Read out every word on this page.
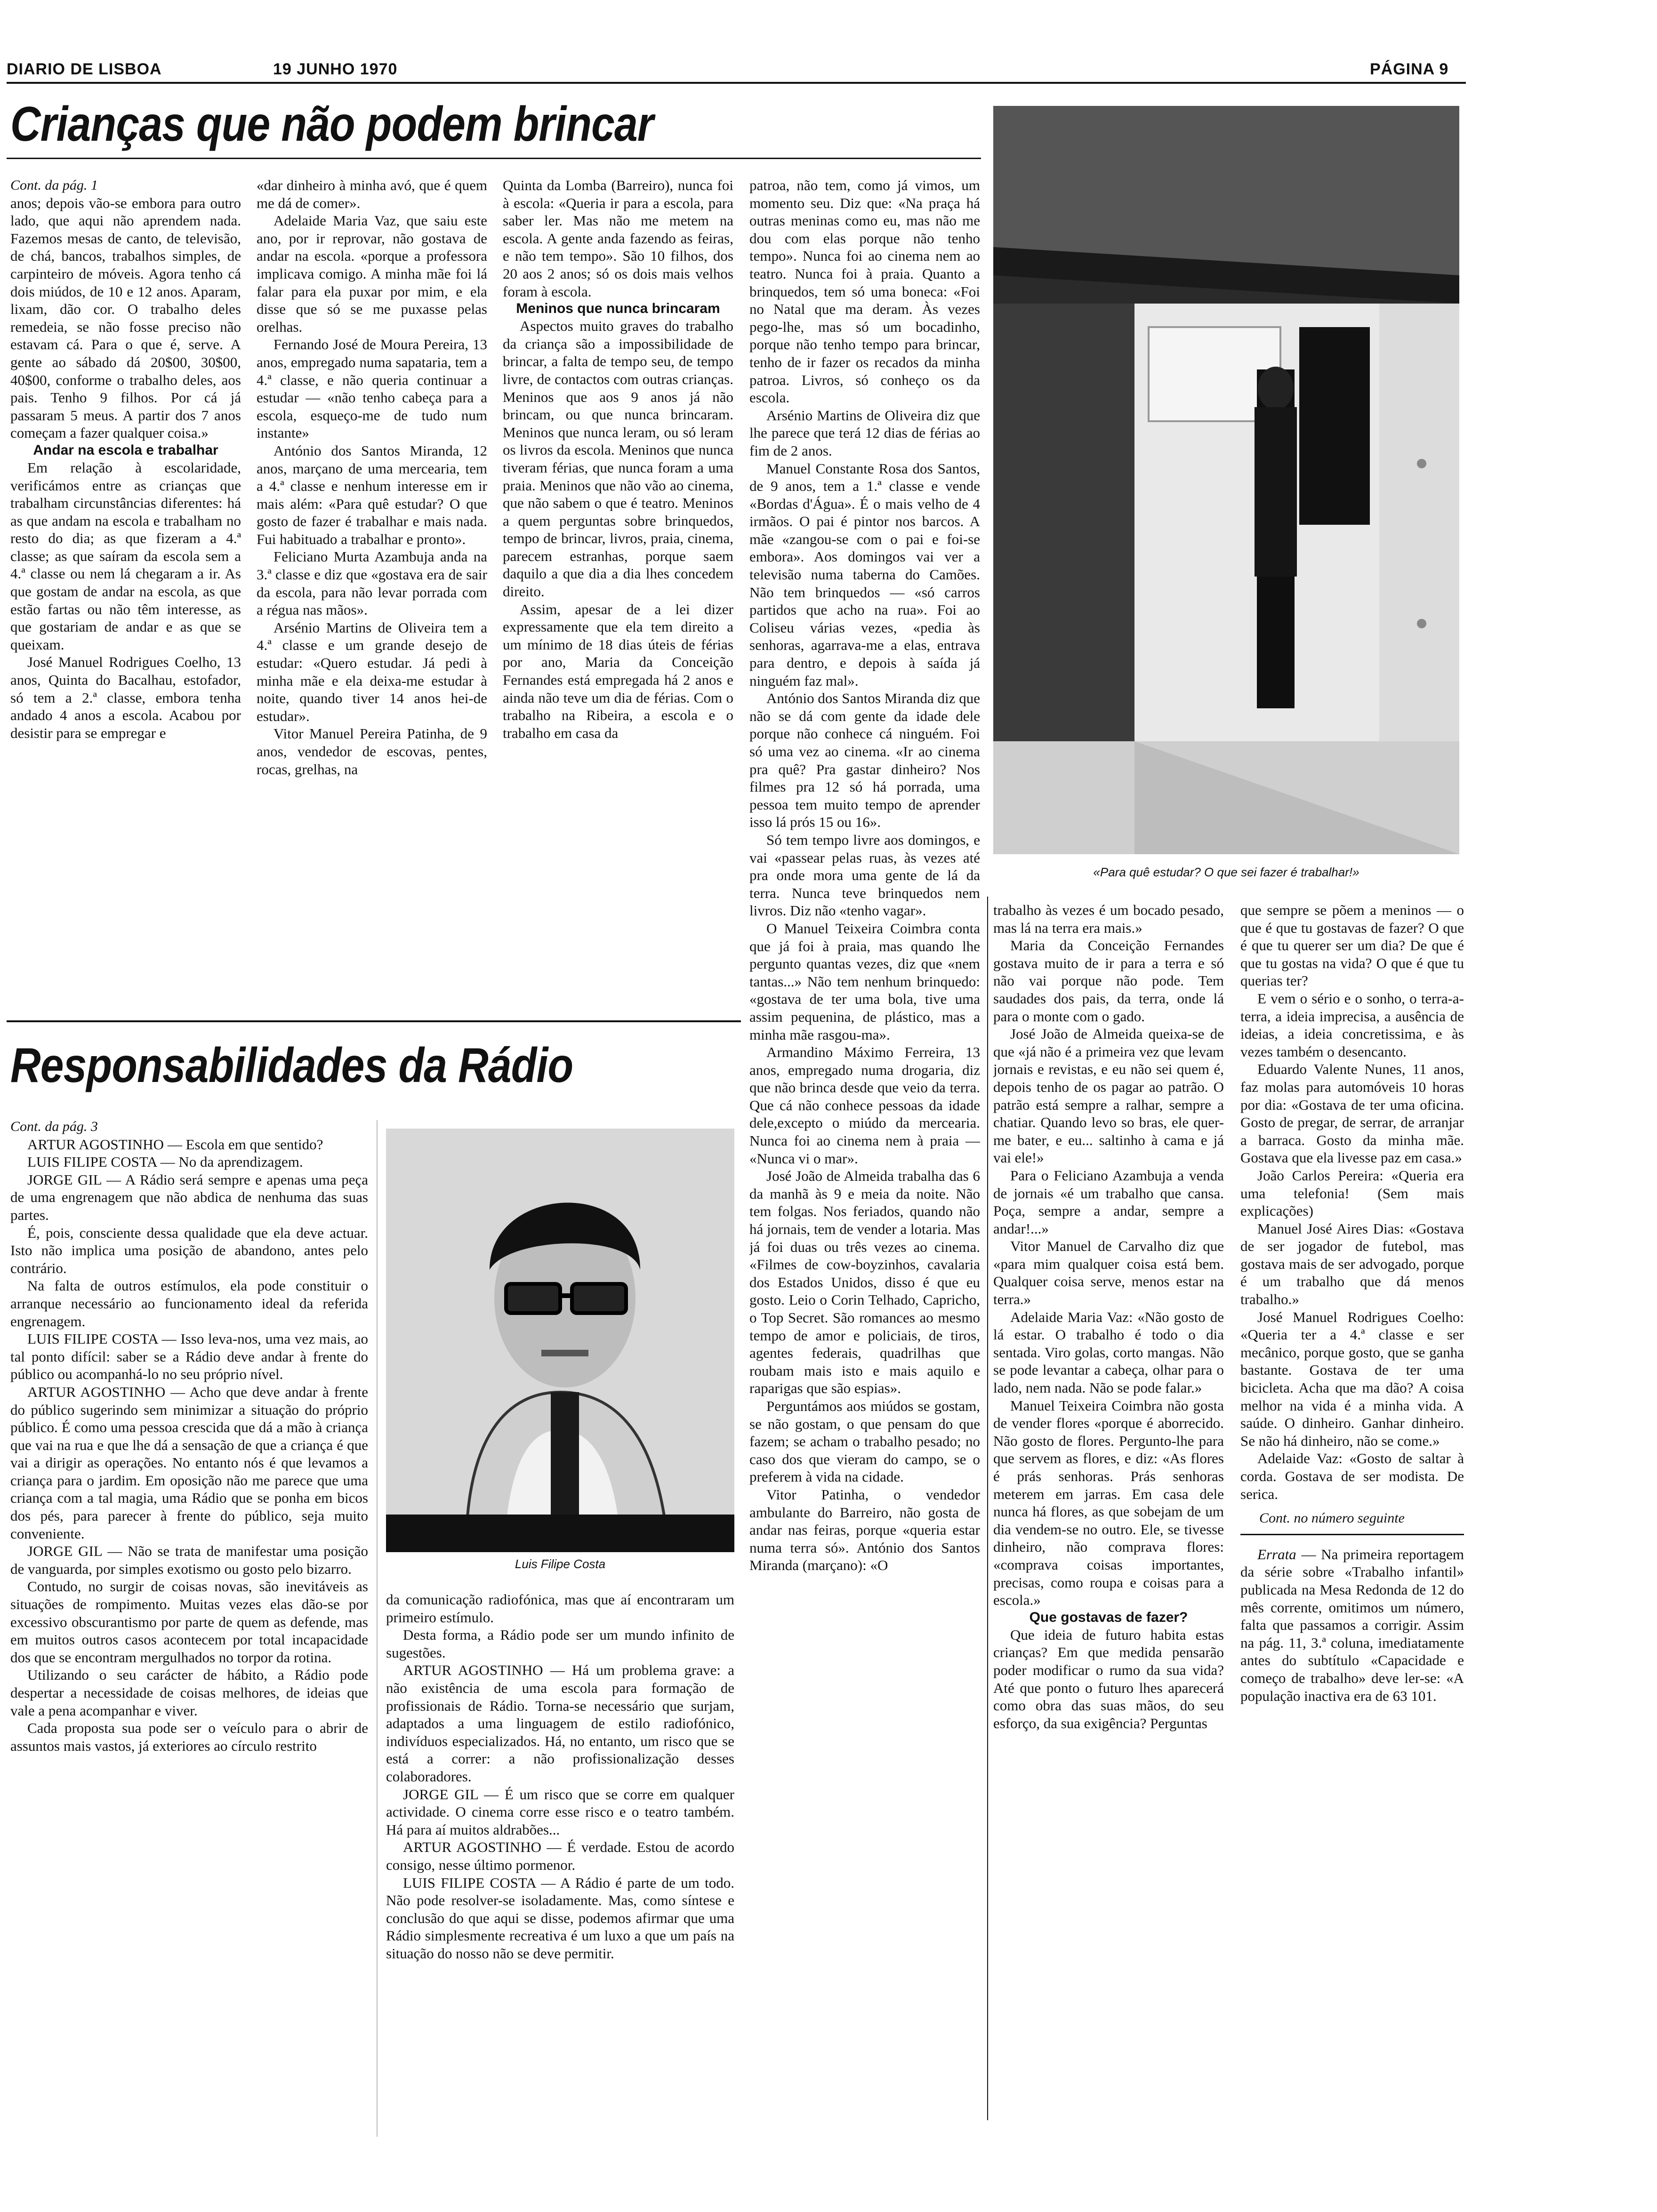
DIARIO DE LISBOA	19 JUNHO 1970	PÁGINA 9
Crianças que não podem brincar

Cont. da pág. 1

anos; depois vão-se embora para outro lado, que aqui não aprendem nada. Fazemos mesas de canto, de televisão, de chá, bancos, trabalhos simples, de carpinteiro de móveis. Agora tenho cá dois miúdos, de 10 e 12 anos. Aparam, lixam, dão cor. O trabalho deles remedeia, se não fosse preciso não estavam cá. Para o que é, serve. A gente ao sábado dá 20$00, 30$00, 40$00, conforme o trabalho deles, aos pais. Tenho 9 filhos. Por cá já passaram 5 meus. A partir dos 7 anos começam a fazer qualquer coisa.»

Andar na escola e trabalhar

Em relação à escolaridade, verificámos entre as crianças que trabalham circunstâncias diferentes: há as que andam na escola e trabalham no resto do dia; as que fizeram a 4.ª classe; as que saíram da escola sem a 4.ª classe ou nem lá chegaram a ir. As que gostam de andar na escola, as que estão fartas ou não têm interesse, as que gostariam de andar e as que se queixam.

José Manuel Rodrigues Coelho, 13 anos, Quinta do Bacalhau, estofador, só tem a 2.ª classe, embora tenha andado 4 anos a escola. Acabou por desistir para se empregar e

«dar dinheiro à minha avó, que é quem me dá de comer».

Adelaide Maria Vaz, que saiu este ano, por ir reprovar, não gostava de andar na escola. «porque a professora implicava comigo. A minha mãe foi lá falar para ela puxar por mim, e ela disse que só se me puxasse pelas orelhas.

Fernando José de Moura Pereira, 13 anos, empregado numa sapataria, tem a 4.ª classe, e não queria continuar a estudar — «não tenho cabeça para a escola, esqueço-me de tudo num instante»

António dos Santos Miranda, 12 anos, marçano de uma mercearia, tem a 4.ª classe e nenhum interesse em ir mais além: «Para quê estudar? O que gosto de fazer é trabalhar e mais nada. Fui habituado a trabalhar e pronto».

Feliciano Murta Azambuja anda na 3.ª classe e diz que «gostava era de sair da escola, para não levar porrada com a régua nas mãos».

Arsénio Martins de Oliveira tem a 4.ª classe e um grande desejo de estudar: «Quero estudar. Já pedi à minha mãe e ela deixa-me estudar à noite, quando tiver 14 anos hei-de estudar».

Vitor Manuel Pereira Patinha, de 9 anos, vendedor de escovas, pentes, rocas, grelhas, na

Quinta da Lomba (Barreiro), nunca foi à escola: «Queria ir para a escola, para saber ler. Mas não me metem na escola. A gente anda fazendo as feiras, e não tem tempo». São 10 filhos, dos 20 aos 2 anos; só os dois mais velhos foram à escola.

Meninos que nunca brincaram

Aspectos muito graves do trabalho da criança são a impossibilidade de brincar, a falta de tempo seu, de tempo livre, de contactos com outras crianças. Meninos que aos 9 anos já não brincam, ou que nunca brincaram. Meninos que nunca leram, ou só leram os livros da escola. Meninos que nunca tiveram férias, que nunca foram a uma praia. Meninos que não vão ao cinema, que não sabem o que é teatro. Meninos a quem perguntas sobre brinquedos, tempo de brincar, livros, praia, cinema, parecem estranhas, porque saem daquilo a que dia a dia lhes concedem direito.

Assim, apesar de a lei dizer expressamente que ela tem direito a um mínimo de 18 dias úteis de férias por ano, Maria da Conceição Fernandes está empregada há 2 anos e ainda não teve um dia de férias. Com o trabalho na Ribeira, a escola e o trabalho em casa da

patroa, não tem, como já vimos, um momento seu. Diz que: «Na praça há outras meninas como eu, mas não me dou com elas porque não tenho tempo». Nunca foi ao cinema nem ao teatro. Nunca foi à praia. Quanto a brinquedos, tem só uma boneca: «Foi no Natal que ma deram. Às vezes pego-lhe, mas só um bocadinho, porque não tenho tempo para brincar, tenho de ir fazer os recados da minha patroa. Livros, só conheço os da escola.

Arsénio Martins de Oliveira diz que lhe parece que terá 12 dias de férias ao fim de 2 anos.

Manuel Constante Rosa dos Santos, de 9 anos, tem a 1.ª classe e vende «Bordas d'Água». É o mais velho de 4 irmãos. O pai é pintor nos barcos. A mãe «zangou-se com o pai e foi-se embora». Aos domingos vai ver a televisão numa taberna do Camões. Não tem brinquedos — «só carros partidos que acho na rua». Foi ao Coliseu várias vezes, «pedia às senhoras, agarrava-me a elas, entrava para dentro, e depois à saída já ninguém faz mal».

António dos Santos Miranda diz que não se dá com gente da idade dele porque não conhece cá ninguém. Foi só uma vez ao cinema. «Ir ao cinema pra quê? Pra gastar dinheiro? Nos filmes pra 12 só há porrada, uma pessoa tem muito tempo de aprender isso lá prós 15 ou 16».

Só tem tempo livre aos domingos, e vai «passear pelas ruas, às vezes até pra onde mora uma gente de lá da terra. Nunca teve brinquedos nem livros. Diz não «tenho vagar».

O Manuel Teixeira Coimbra conta que já foi à praia, mas quando lhe pergunto quantas vezes, diz que «nem tantas...» Não tem nenhum brinquedo: «gostava de ter uma bola, tive uma assim pequenina, de plástico, mas a minha mãe rasgou-ma».

Armandino Máximo Ferreira, 13 anos, empregado numa drogaria, diz que não brinca desde que veio da terra. Que cá não conhece pessoas da idade dele,excepto o miúdo da mercearia. Nunca foi ao cinema nem à praia — «Nunca vi o mar».

José João de Almeida trabalha das 6 da manhã às 9 e meia da noite. Não tem folgas. Nos feriados, quando não há jornais, tem de vender a lotaria. Mas já foi duas ou três vezes ao cinema. «Filmes de cow-boyzinhos, cavalaria dos Estados Unidos, disso é que eu gosto. Leio o Corin Telhado, Capricho, o Top Secret. São romances ao mesmo tempo de amor e policiais, de tiros, agentes federais, quadrilhas que roubam mais isto e mais aquilo e raparigas que são espias».

Perguntámos aos miúdos se gostam, se não gostam, o que pensam do que fazem; se acham o trabalho pesado; no caso dos que vieram do campo, se o preferem à vida na cidade.

Vitor Patinha, o vendedor ambulante do Barreiro, não gosta de andar nas feiras, porque «queria estar numa terra só». António dos Santos Miranda (marçano): «O

«Para quê estudar? O que sei fazer é trabalhar!»

trabalho às vezes é um bocado pesado, mas lá na terra era mais.»

Maria da Conceição Fernandes gostava muito de ir para a terra e só não vai porque não pode. Tem saudades dos pais, da terra, onde lá para o monte com o gado.

José João de Almeida queixa-se de que «já não é a primeira vez que levam jornais e revistas, e eu não sei quem é, depois tenho de os pagar ao patrão. O patrão está sempre a ralhar, sempre a chatiar. Quando levo so bras, ele quer-me bater, e eu... saltinho à cama e já vai ele!»

Para o Feliciano Azambuja a venda de jornais «é um trabalho que cansa. Poça, sempre a andar, sempre a andar!...»

Vitor Manuel de Carvalho diz que «para mim qualquer coisa está bem. Qualquer coisa serve, menos estar na terra.»

Adelaide Maria Vaz: «Não gosto de lá estar. O trabalho é todo o dia sentada. Viro golas, corto mangas. Não se pode levantar a cabeça, olhar para o lado, nem nada. Não se pode falar.»

Manuel Teixeira Coimbra não gosta de vender flores «porque é aborrecido. Não gosto de flores. Pergunto-lhe para que servem as flores, e diz: «As flores é prás senhoras. Prás senhoras meterem em jarras. Em casa dele nunca há flores, as que sobejam de um dia vendem-se no outro. Ele, se tivesse dinheiro, não comprava flores: «comprava coisas importantes, precisas, como roupa e coisas para a escola.»

Que gostavas de fazer?

Que ideia de futuro habita estas crianças? Em que medida pensarão poder modificar o rumo da sua vida? Até que ponto o futuro lhes aparecerá como obra das suas mãos, do seu esforço, da sua exigência? Perguntas

que sempre se põem a meninos — o que é que tu gostavas de fazer? O que é que tu querer ser um dia? De que é que tu gostas na vida? O que é que tu querias ter?

E vem o sério e o sonho, o terra-a-terra, a ideia imprecisa, a ausência de ideias, a ideia concretissima, e às vezes também o desencanto.

Eduardo Valente Nunes, 11 anos, faz molas para automóveis 10 horas por dia: «Gostava de ter uma oficina. Gosto de pregar, de serrar, de arranjar a barraca. Gosto da minha mãe. Gostava que ela livesse paz em casa.»

João Carlos Pereira: «Queria era uma telefonia! (Sem mais explicações)

Manuel José Aires Dias: «Gostava de ser jogador de futebol, mas gostava mais de ser advogado, porque é um trabalho que dá menos trabalho.»

José Manuel Rodrigues Coelho: «Queria ter a 4.ª classe e ser mecânico, porque gosto, que se ganha bastante. Gostava de ter uma bicicleta. Acha que ma dão? A coisa melhor na vida é a minha vida. A saúde. O dinheiro. Ganhar dinheiro. Se não há dinheiro, não se come.»

Adelaide Vaz: «Gosto de saltar à corda. Gostava de ser modista. De serica.

Cont. no número seguinte

Errata — Na primeira reportagem da série sobre «Trabalho infantil» publicada na Mesa Redonda de 12 do mês corrente, omitimos um número, falta que passamos a corrigir. Assim na pág. 11, 3.ª coluna, imediatamente antes do subtítulo «Capacidade e começo de trabalho» deve ler-se: «A população inactiva era de 63 101.

Responsabilidades da Rádio

Cont. da pág. 3

ARTUR AGOSTINHO — Escola em que sentido?

LUIS FILIPE COSTA — No da aprendizagem.

JORGE GIL — A Rádio será sempre e apenas uma peça de uma engrenagem que não abdica de nenhuma das suas partes.

É, pois, consciente dessa qualidade que ela deve actuar. Isto não implica uma posição de abandono, antes pelo contrário.

Na falta de outros estímulos, ela pode constituir o arranque necessário ao funcionamento ideal da referida engrenagem.

LUIS FILIPE COSTA — Isso leva-nos, uma vez mais, ao tal ponto difícil: saber se a Rádio deve andar à frente do público ou acompanhá-lo no seu próprio nível.

ARTUR AGOSTINHO — Acho que deve andar à frente do público sugerindo sem minimizar a situação do próprio público. É como uma pessoa crescida que dá a mão à criança que vai na rua e que lhe dá a sensação de que a criança é que vai a dirigir as operações. No entanto nós é que levamos a criança para o jardim. Em oposição não me parece que uma criança com a tal magia, uma Rádio que se ponha em bicos dos pés, para parecer à frente do público, seja muito conveniente.

JORGE GIL — Não se trata de manifestar uma posição de vanguarda, por simples exotismo ou gosto pelo bizarro.

Contudo, no surgir de coisas novas, são inevitáveis as situações de rompimento. Muitas vezes elas dão-se por excessivo obscurantismo por parte de quem as defende, mas em muitos outros casos acontecem por total incapacidade dos que se encontram mergulhados no torpor da rotina.

Utilizando o seu carácter de hábito, a Rádio pode despertar a necessidade de coisas melhores, de ideias que vale a pena acompanhar e viver.

Cada proposta sua pode ser o veículo para o abrir de assuntos mais vastos, já exteriores ao círculo restrito

Luis Filipe Costa

da comunicação radiofónica, mas que aí encontraram um primeiro estímulo.

Desta forma, a Rádio pode ser um mundo infinito de sugestões.

ARTUR AGOSTINHO — Há um problema grave: a não existência de uma escola para formação de profissionais de Rádio. Torna-se necessário que surjam, adaptados a uma linguagem de estilo radiofónico, indivíduos especializados. Há, no entanto, um risco que se está a correr: a não profissionalização desses colaboradores.

JORGE GIL — É um risco que se corre em qualquer actividade. O cinema corre esse risco e o teatro também. Há para aí muitos aldrabões...

ARTUR AGOSTINHO — É verdade. Estou de acordo consigo, nesse último pormenor.

LUIS FILIPE COSTA — A Rádio é parte de um todo. Não pode resolver-se isoladamente. Mas, como síntese e conclusão do que aqui se disse, podemos afirmar que uma Rádio simplesmente recreativa é um luxo a que um país na situação do nosso não se deve permitir.
